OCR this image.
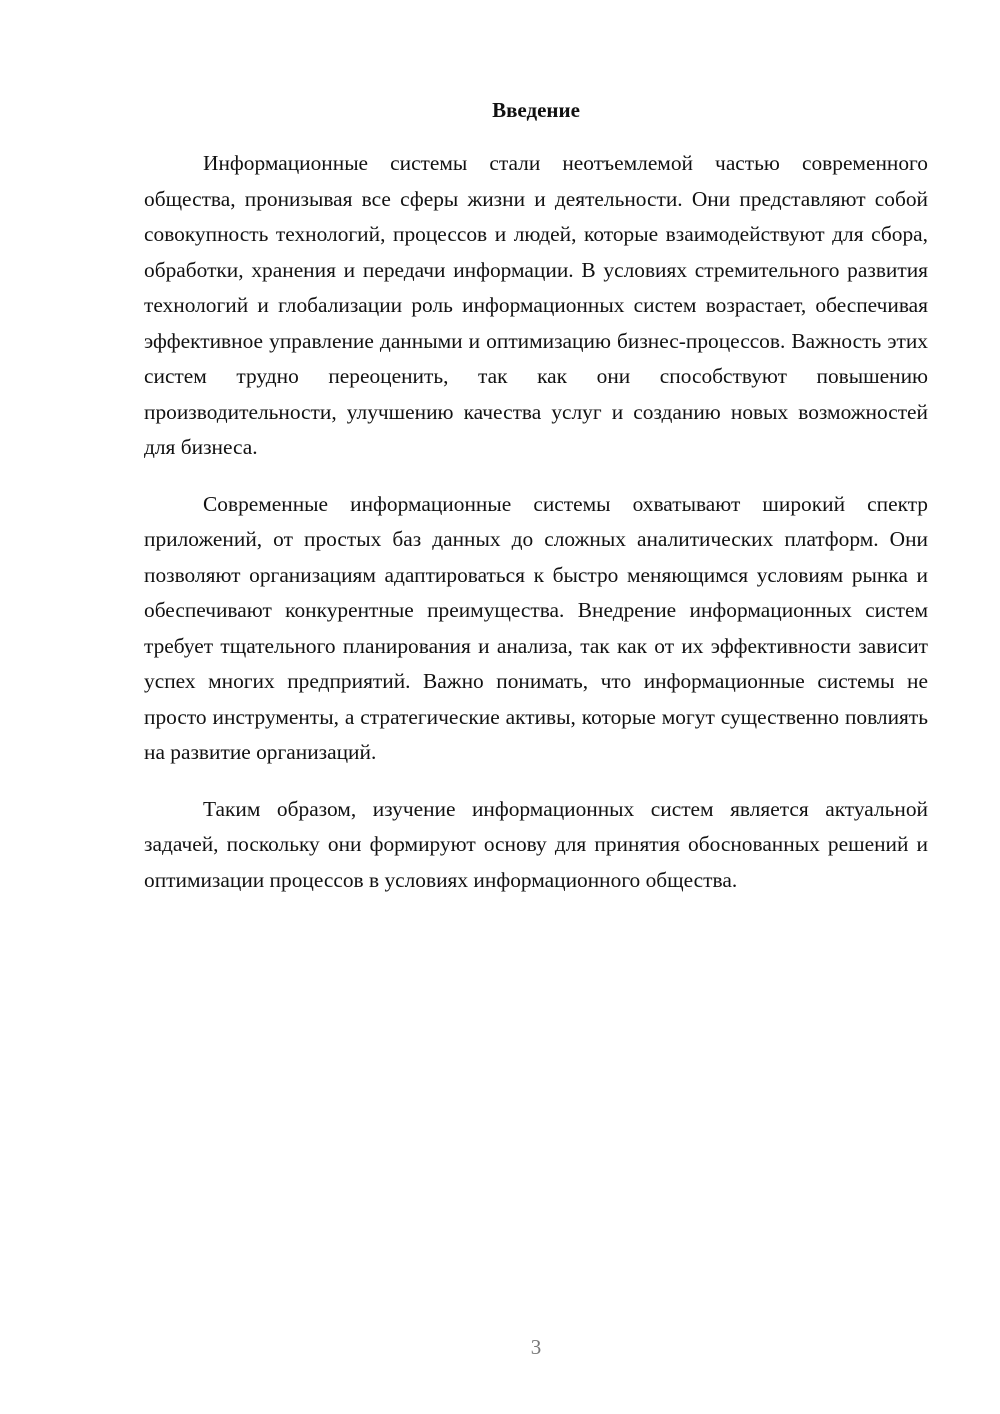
Введение

Информационные системы стали неотъемлемой частью современного общества, пронизывая все сферы жизни и деятельности. Они представляют собой совокупность технологий, процессов и людей, которые взаимодействуют для сбора, обработки, хранения и передачи информации. В условиях стремительного развития технологий и глобализации роль информационных систем возрастает, обеспечивая эффективное управление данными и оптимизацию бизнес-процессов. Важность этих систем трудно переоценить, так как они способствуют повышению производительности, улучшению качества услуг и созданию новых возможностей для бизнеса.

Современные информационные системы охватывают широкий спектр приложений, от простых баз данных до сложных аналитических платформ. Они позволяют организациям адаптироваться к быстро меняющимся условиям рынка и обеспечивают конкурентные преимущества. Внедрение информационных систем требует тщательного планирования и анализа, так как от их эффективности зависит успех многих предприятий. Важно понимать, что информационные системы не просто инструменты, а стратегические активы, которые могут существенно повлиять на развитие организаций.

Таким образом, изучение информационных систем является актуальной задачей, поскольку они формируют основу для принятия обоснованных решений и оптимизации процессов в условиях информационного общества.

3
